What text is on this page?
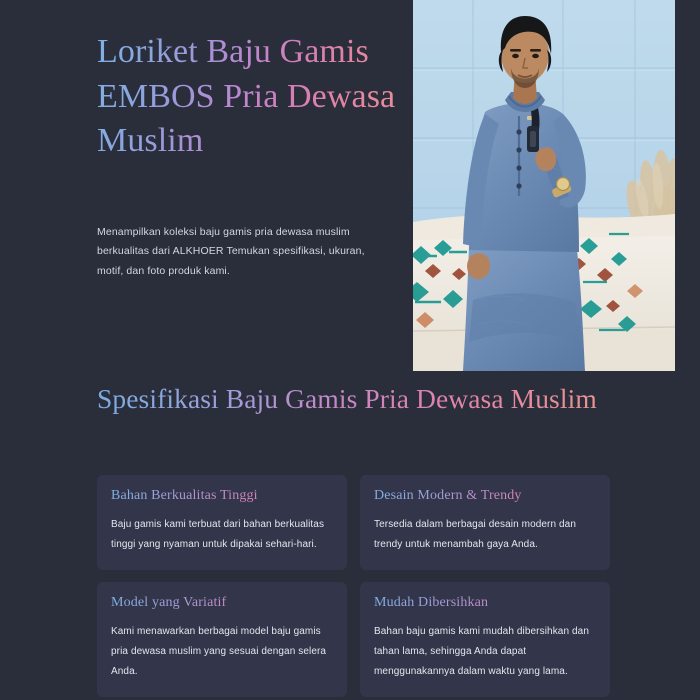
Loriket Baju Gamis EMBOS Pria Dewasa Muslim

Menampilkan koleksi baju gamis pria dewasa muslim berkualitas dari ALKHOER Temukan spesifikasi, ukuran, motif, dan foto produk kami.

Spesifikasi Baju Gamis Pria Dewasa Muslim
Bahan Berkualitas Tinggi

Baju gamis kami terbuat dari bahan berkualitas tinggi yang nyaman untuk dipakai sehari-hari.

Desain Modern & Trendy

Tersedia dalam berbagai desain modern dan trendy untuk menambah gaya Anda.

Model yang Variatif

Kami menawarkan berbagai model baju gamis pria dewasa muslim yang sesuai dengan selera Anda.

Mudah Dibersihkan

Bahan baju gamis kami mudah dibersihkan dan tahan lama, sehingga Anda dapat menggunakannya dalam waktu yang lama.
